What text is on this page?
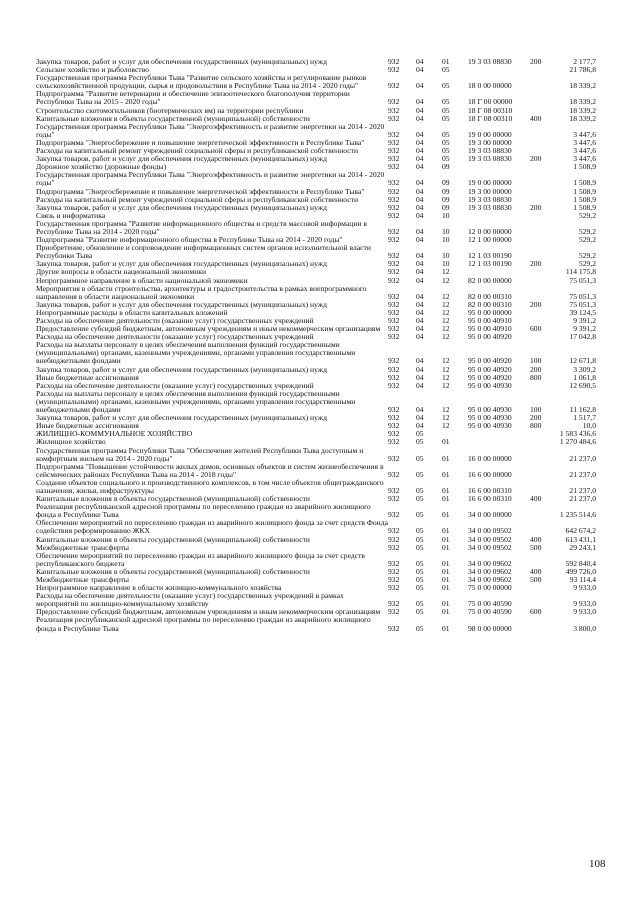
Закупка товаров, работ и услуг для обеспечения государственных (муниципальных) нужд	932	04	01	19 3 03 08830	200	2 177,7
Сельское хозяйство и рыболовство	932	04	05			21 786,8
Государственная программа Республики Тыва "Развитие сельского хозяйства и регулирование рынков сельскохозяйственной продукции, сырья и продовольствия в Республике Тыва на 2014 - 2020 годы"	932	04	05	18 0 00 00000		18 339,2
Подпрограмма "Развитие ветеринарии и обеспечение эпизоотического благополучия территории Республики Тыва на 2015 - 2020 годы"	932	04	05	18 Г 00 00000		18 339,2
Строительство скотомогильников (биотермических ям) на территории республики	932	04	05	18 Г 08 00310		18 339,2
Капитальные вложения в объекты государственной (муниципальной) собственности	932	04	05	18 Г 08 00310	400	18 339,2
Государственная программа Республики Тыва "Энергоэффективность и развитие энергетики на 2014 - 2020 годы"	932	04	05	19 0 00 00000		3 447,6
Подпрограмма "Энергосбережение и повышение энергетической эффективности в Республике Тыва"	932	04	05	19 3 00 00000		3 447,6
Расходы на капитальный ремонт учреждений социальной сферы и республиканской собственности	932	04	05	19 3 03 08830		3 447,6
Закупка товаров, работ и услуг для обеспечения государственных (муниципальных) нужд	932	04	05	19 3 03 08830	200	3 447,6
Дорожное хозяйство (дорожные фонды)	932	04	09			1 508,9
Государственная программа Республики Тыва "Энергоэффективность и развитие энергетики на 2014 - 2020 годы"	932	04	09	19 0 00 00000		1 508,9
Подпрограмма "Энергосбережение и повышение энергетической эффективности в Республике Тыва"	932	04	09	19 3 00 00000		1 508,9
Расходы на капитальный ремонт учреждений социальной сферы и республиканской собственности	932	04	09	19 3 03 08830		1 508,9
Закупка товаров, работ и услуг для обеспечения государственных (муниципальных) нужд	932	04	09	19 3 03 08830	200	1 508,9
Связь и информатика	932	04	10			529,2
Государственная программа "Развитие информационного общества и средств массовой информации в Республике Тыва на 2014 - 2020 годы"	932	04	10	12 0 00 00000		529,2
Подпрограмма "Развитие информационного общества в Республике Тыва на 2014 - 2020 годы"	932	04	10	12 1 00 00000		529,2
Приобретение, обновление и сопровождение информационных систем органов исполнительной власти Республики Тыва	932	04	10	12 1 03 00190		529,2
Закупка товаров, работ и услуг для обеспечения государственных (муниципальных) нужд	932	04	10	12 1 03 00190	200	529,2
Другие вопросы в области национальной экономики	932	04	12			114 175,8
Непрограммное направление в области национальной экономики	932	04	12	82 0 00 00000		75 051,3
Мероприятия в области строительства, архитектуры и градостроительства в рамках внепрограммного направления в области национальной экономики	932	04	12	82 0 00 00310		75 051,3
Закупка товаров, работ и услуг для обеспечения государственных (муниципальных) нужд	932	04	12	82 0 00 00310	200	75 051,3
Непрограммные расходы в области капитальных вложений	932	04	12	95 0 00 00000		39 124,5
Расходы на обеспечение деятельности (оказание услуг) государственных учреждений	932	04	12	95 0 00 40910		9 391,2
Предоставление субсидий бюджетным, автономным учреждениям и иным некоммерческим организациям	932	04	12	95 0 00 40910	600	9 391,2
Расходы на обеспечение деятельности (оказание услуг) государственных учреждений	932	04	12	95 0 00 40920		17 042,8
Расходы на выплаты персоналу в целях обеспечения выполнения функций государственными (муниципальными) органами, казенными учреждениями, органами управления государственными внебюджетными фондами	932	04	12	95 0 00 40920	100	12 671,8
Закупка товаров, работ и услуг для обеспечения государственных (муниципальных) нужд	932	04	12	95 0 00 40920	200	3 309,2
Иные бюджетные ассигнования	932	04	12	95 0 00 40920	800	1 061,8
Расходы на обеспечение деятельности (оказание услуг) государственных учреждений	932	04	12	95 0 00 40930		12 690,5
Расходы на выплаты персоналу в целях обеспечения выполнения функций государственными (муниципальными) органами, казенными учреждениями, органами управления государственными внебюджетными фондами	932	04	12	95 0 00 40930	100	11 162,8
Закупка товаров, работ и услуг для обеспечения государственных (муниципальных) нужд	932	04	12	95 0 00 40930	200	1 517,7
Иные бюджетные ассигнования	932	04	12	95 0 00 40930	800	10,0
ЖИЛИЩНО-КОММУНАЛЬНОЕ ХОЗЯЙСТВО	932	05				1 583 436,6
Жилищное хозяйство	932	05	01			1 270 484,6
Государственная программа Республики Тыва "Обеспечение жителей Республики Тыва доступным и комфортным жильем на 2014 - 2020 годы"	932	05	01	16 0 00 00000		21 237,0
Подпрограмма "Повышение устойчивости жилых домов, основных объектов и систем жизнеобеспечения в сейсмических районах Республики Тыва на 2014 - 2018 годы"	932	05	01	16 6 00 00000		21 237,0
Создание объектов социального и производственного комплексов, в том числе объектов общегражданского назначения, жилья, инфраструктуры	932	05	01	16 6 00 00310		21 237,0
Капитальные вложения в объекты государственной (муниципальной) собственности	932	05	01	16 6 00 00310	400	21 237,0
Реализация республиканской адресной программы по переселению граждан из аварийного жилищного фонда в Республике Тыва	932	05	01	34 0 00 00000		1 235 514,6
Обеспечение мероприятий по переселению граждан из аварийного жилищного фонда за счет средств Фонда содействия реформированию ЖКХ	932	05	01	34 0 00 09502		642 674,2
Капитальные вложения в объекты государственной (муниципальной) собственности	932	05	01	34 0 00 09502	400	613 431,1
Межбюджетные трансферты	932	05	01	34 0 00 09502	500	29 243,1
Обеспечение мероприятий по переселению граждан из аварийного жилищного фонда за счет средств республиканского бюджета	932	05	01	34 0 00 09602		592 840,4
Капитальные вложения в объекты государственной (муниципальной) собственности	932	05	01	34 0 00 09602	400	499 726,0
Межбюджетные трансферты	932	05	01	34 0 00 09602	500	93 114,4
Непрограммное направление в области жилищно-коммунального хозяйства	932	05	01	75 0 00 00000		9 933,0
Расходы на обеспечение деятельности (оказание услуг) государственных учреждений в рамках мероприятий по жилищно-коммунальному хозяйству	932	05	01	75 0 00 40590		9 933,0
Предоставление субсидий бюджетным, автономным учреждениям и иным некоммерческим организациям	932	05	01	75 0 00 40590	600	9 933,0
Реализация республиканской адресной программы по переселению граждан из аварийного жилищного фонда в Республике Тыва	932	05	01	98 0 00 00000		3 800,0
108
